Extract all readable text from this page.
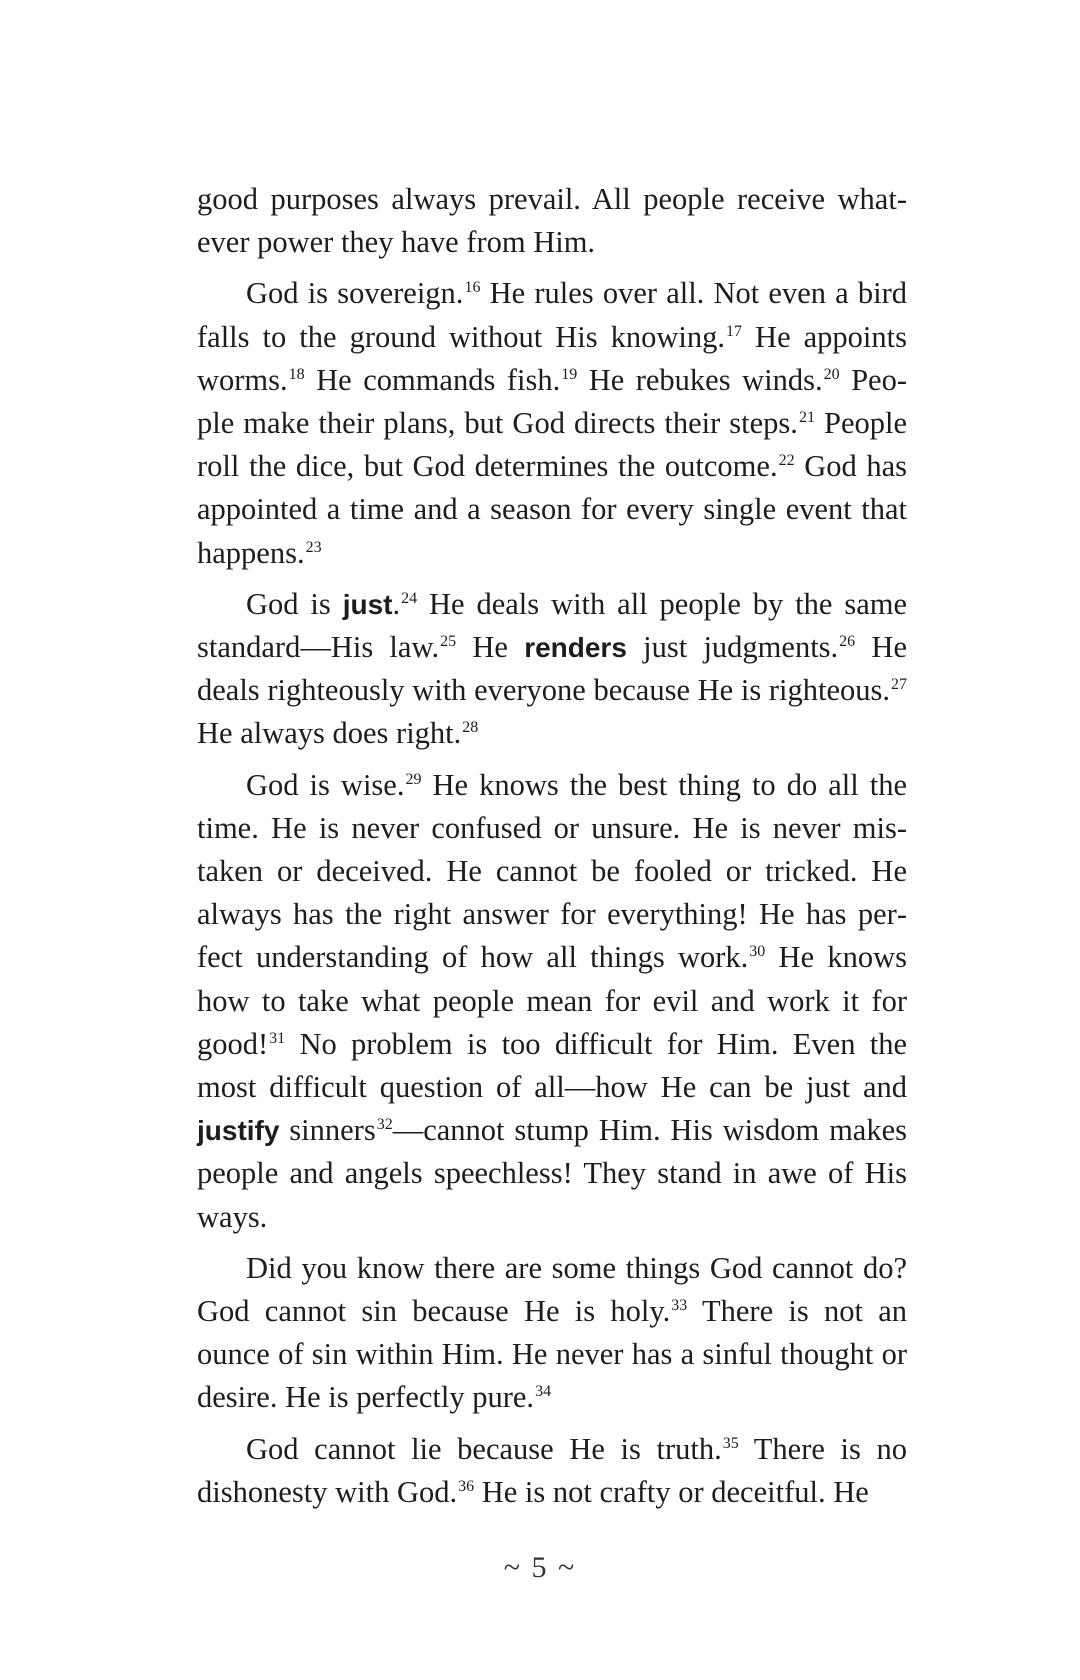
good purposes always prevail. All people receive whatever power they have from Him.

God is sovereign.$^{16}$ He rules over all. Not even a bird falls to the ground without His knowing.$^{17}$ He appoints worms.$^{18}$ He commands fish.$^{19}$ He rebukes winds.$^{20}$ People make their plans, but God directs their steps.$^{21}$ People roll the dice, but God determines the outcome.$^{22}$ God has appointed a time and a season for every single event that happens.$^{23}$

God is just.$^{24}$ He deals with all people by the same standard—His law.$^{25}$ He renders just judgments.$^{26}$ He deals righteously with everyone because He is righteous.$^{27}$ He always does right.$^{28}$

God is wise.$^{29}$ He knows the best thing to do all the time. He is never confused or unsure. He is never mistaken or deceived. He cannot be fooled or tricked. He always has the right answer for everything! He has perfect understanding of how all things work.$^{30}$ He knows how to take what people mean for evil and work it for good!$^{31}$ No problem is too difficult for Him. Even the most difficult question of all—how He can be just and justify sinners$^{32}$—cannot stump Him. His wisdom makes people and angels speechless! They stand in awe of His ways.

Did you know there are some things God cannot do? God cannot sin because He is holy.$^{33}$ There is not an ounce of sin within Him. He never has a sinful thought or desire. He is perfectly pure.$^{34}$

God cannot lie because He is truth.$^{35}$ There is no dishonesty with God.$^{36}$ He is not crafty or deceitful. He

~ 5 ~
